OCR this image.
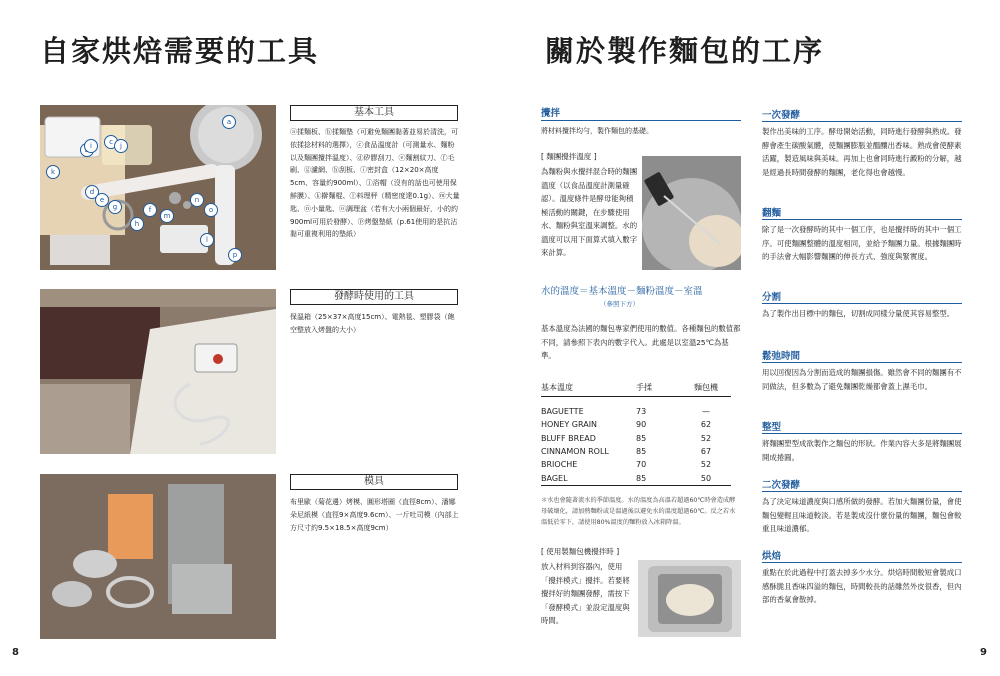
自家烘焙需要的工具
a
c
d
e
f
g
h
i	j
k
l
m
n
o
p
基本工具
ⓐ揉麵板、ⓑ揉麵墊（可避免麵團黏著並易於清洗，可依揉捻材料的選擇），ⓒ食品溫度計（可測量水、麵粉以及麵團攪拌溫度）、ⓓ矽膠刮刀、ⓔ麵割紋刀、ⓕ毛刷、ⓖ濾網、ⓗ刮板、ⓘ密封盒（12×20×高度5cm、容量約900ml）、ⓙ浴帽（沒有的話也可使用保鮮膜）、ⓚ擀麵棍、ⓛ料理秤（精密度達0.1g）、ⓜ大量匙、ⓝ小量匙、ⓞ調理盆（若有大小兩個最好，小的約900ml可用於發酵）、ⓟ烤盤墊紙（p.61使用的是抗沾黏可重複利用的墊紙）
發酵時使用的工具
保溫箱（25×37×高度15cm）、電熱毯、塑膠袋（飽空整放入烤盤的大小）
模具
布里歐（菊花邊）烤模、圓形塔圈（直徑8cm）、潘娜朵尼紙模（直徑9×高度9.6cm）、一斤吐司模（內部上方尺寸約9.5×18.5×高度9cm）
8
關於製作麵包的工序
攪拌
將材料攪拌均勻，製作麵包的基礎。
[ 麵團攪拌溫度 ]
為麵粉與水攪拌混合時的麵團溫度（以食品溫度計測量確認）。溫度條件是酵母能夠積極活動的關鍵，在步驟使用水、麵粉與室溫來調整。水的溫度可以用下面算式填入數字來計算。
水的溫度＝基本溫度－麵粉溫度－室溫
（參照下方）
基本溫度為法國的麵包專家們使用的數值。各種麵包的數值都不同，請參照下表內的數字代入。此處是以室溫25℃為基準。
基本溫度	手揉	麵包機

BAGUETTE	73	—
HONEY GRAIN	90	62
BLUFF BREAD	85	52
CINNAMON ROLL	85	67
BRIOCHE	70	52
BAGEL	85	50
＊水也會隨著流水的季節溫度。水的溫度為高溫若超過60℃時會造成酵母破壞化，請加熱麵粉或是溫過後以避免水的溫度超過60℃。反之若水溫低於零下，請使用80%溫度的麵粉放入冰箱降溫。
[ 使用製麵包機攪拌時 ]
放入材料到容器內，使用「攪拌模式」攪拌。若要將攪拌好的麵團發酵，需按下「發酵模式」並設定溫度與時間。
一次發酵
製作出美味的工序。酵母開始活動，同時進行發酵與熟成。發酵會產生碳酸氣體，使麵團膨脹並醞釀出香味。熟成會使酵素活躍，製造風味與美味。再加上也會同時進行澱粉的分解，越是經過長時間發酵的麵團，老化得也會越慢。
翻麵
除了是一次發酵時的其中一個工序，也是攪拌時的其中一個工序。可使麵團整體的溫度相同，並給予麵團力量。根據麵團時的手法會大幅影響麵團的伸長方式、強度與緊實度。
分割
為了製作出目標中的麵包，切割成同樣分量使其容易整型。
鬆弛時間
用以回復因為分割而造成的麵團損傷。雖然會不同的麵團有不同做法，但多數為了避免麵團乾燥都會蓋上濕毛巾。
整型
將麵團塑型成欲製作之麵包的形狀。作業內容大多是將麵團展開成捲圓。
二次發酵
為了決定味道濃度與口感所做的發酵。若加大麵團份量，會使麵包變輕且味道較淡。若是製成沒什麼份量的麵團，麵包會較重且味道濃郁。
烘焙
重點在於此過程中打蓋去掉多少水分。烘焙時間較短會製成口感酥脆且香味四溢的麵包，時間較長的話雖然外皮很香，但內部的香氣會散掉。
9
